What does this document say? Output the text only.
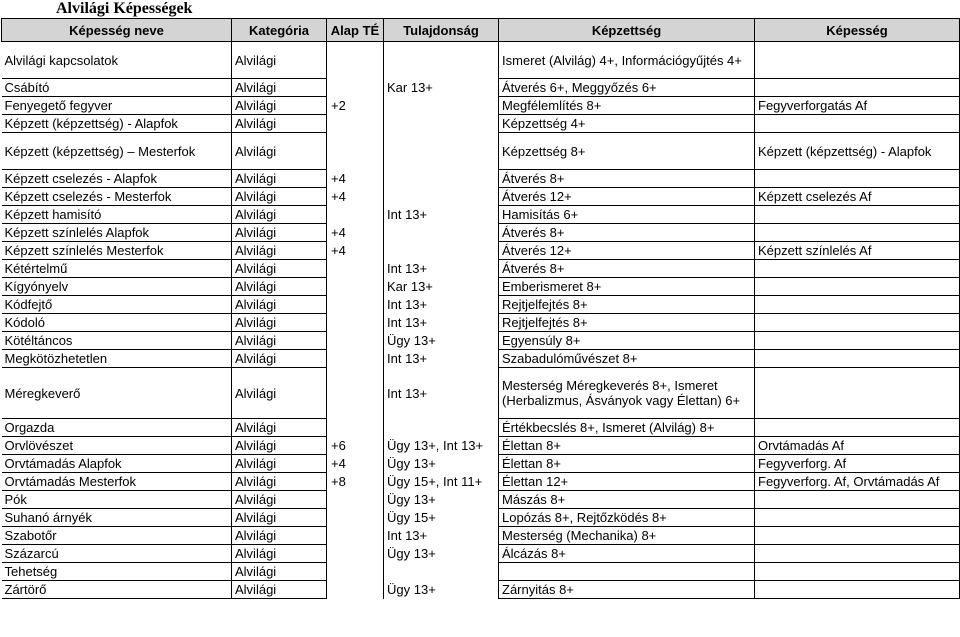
Alvilági Képességek
Képesség neve	Kategória	Alap TÉ	Tulajdonság	Képzettség	Képesség
Alvilági kapcsolatok	Alvilági			Ismeret (Alvilág) 4+, Információgyűjtés 4+	
Csábító	Alvilági		Kar 13+	Átverés 6+, Meggyőzés 6+	
Fenyegető fegyver	Alvilági	+2		Megfélemlítés 8+	Fegyverforgatás Af
Képzett (képzettség) - Alapfok	Alvilági			Képzettség 4+	
Képzett (képzettség) – Mesterfok	Alvilági			Képzettség 8+	Képzett (képzettség) - Alapfok
Képzett cselezés - Alapfok	Alvilági	+4		Átverés 8+	
Képzett cselezés - Mesterfok	Alvilági	+4		Átverés 12+	Képzett cselezés Af
Képzett hamisító	Alvilági		Int 13+	Hamisítás 6+	
Képzett színlelés Alapfok	Alvilági	+4		Átverés 8+	
Képzett színlelés Mesterfok	Alvilági	+4		Átverés 12+	Képzett színlelés Af
Kétértelmű	Alvilági		Int 13+	Átverés 8+	
Kígyónyelv	Alvilági		Kar 13+	Emberismeret 8+	
Kódfejtő	Alvilági		Int 13+	Rejtjelfejtés 8+	
Kódoló	Alvilági		Int 13+	Rejtjelfejtés 8+	
Kötéltáncos	Alvilági		Ügy 13+	Egyensúly 8+	
Megkötözhetetlen	Alvilági		Int 13+	Szabadulóművészet 8+	
Méregkeverő	Alvilági		Int 13+	Mesterség Méregkeverés 8+, Ismeret (Herbalizmus, Ásványok vagy Élettan) 6+	
Orgazda	Alvilági			Értékbecslés 8+, Ismeret (Alvilág) 8+	
Orvlövészet	Alvilági	+6	Ügy 13+, Int 13+	Élettan 8+	Orvtámadás Af
Orvtámadás Alapfok	Alvilági	+4	Ügy 13+	Élettan 8+	Fegyverforg. Af
Orvtámadás Mesterfok	Alvilági	+8	Ügy 15+, Int 11+	Élettan 12+	Fegyverforg. Af, Orvtámadás Af
Pók	Alvilági		Ügy 13+	Mászás 8+	
Suhanó árnyék	Alvilági		Ügy 15+	Lopózás 8+, Rejtőzködés 8+	
Szabotőr	Alvilági		Int 13+	Mesterség (Mechanika) 8+	
Százarcú	Alvilági		Ügy 13+	Álcázás 8+	
Tehetség	Alvilági				
Zártörő	Alvilági		Ügy 13+	Zárnyitás 8+	
